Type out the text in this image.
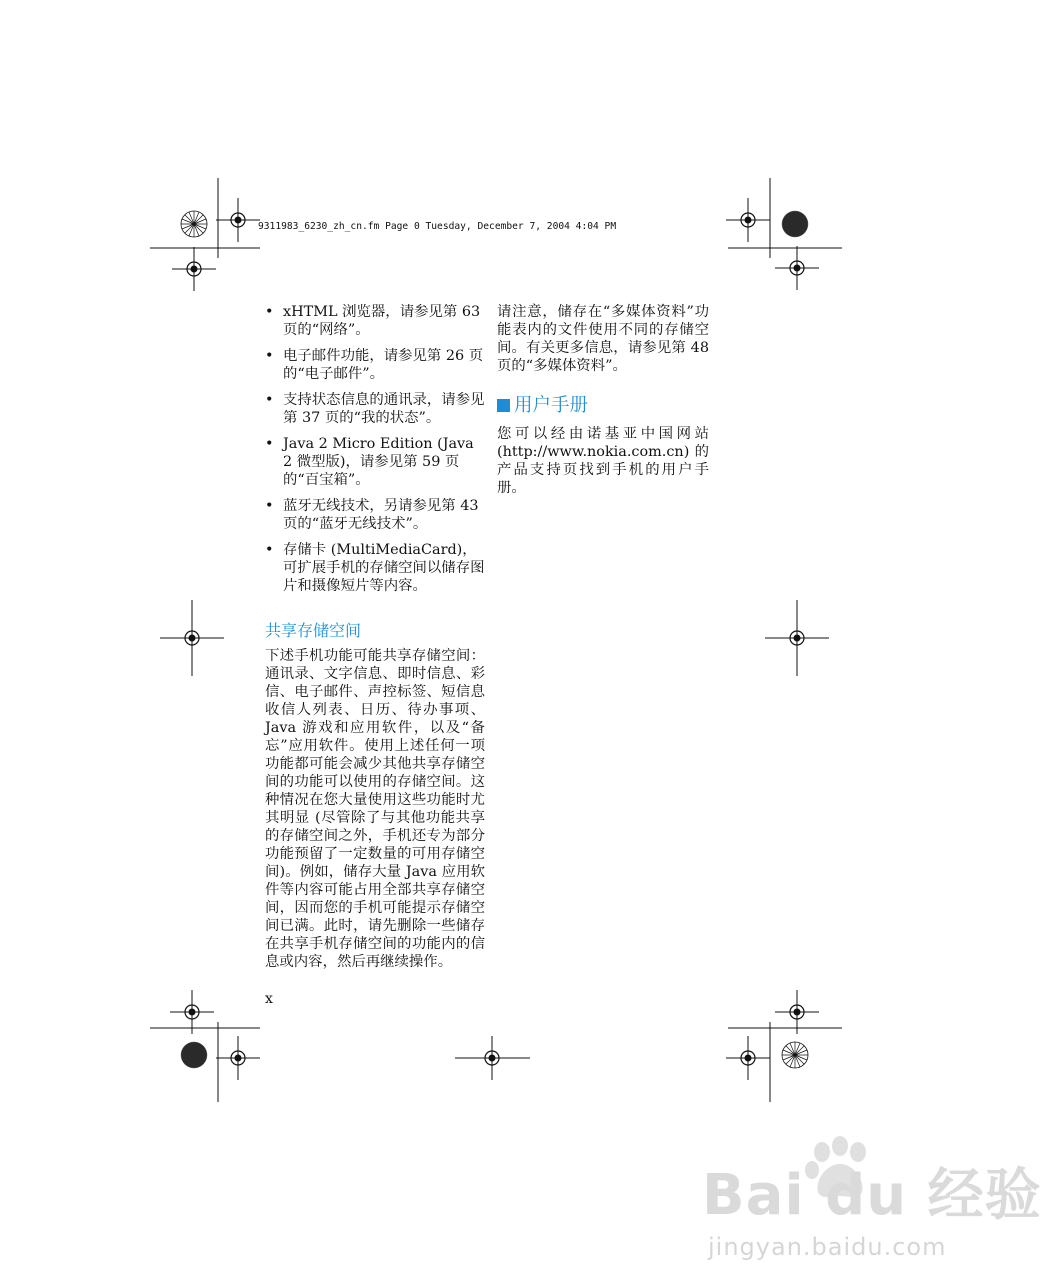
9311983_6230_zh_cn.fm Page 0 Tuesday, December 7, 2004 4:04 PM
• xHTML 浏览器，请参见第 63 页的“网络”。
• 电子邮件功能，请参见第 26 页的“电子邮件”。
• 支持状态信息的通讯录，请参见第 37 页的“我的状态”。
• Java 2 Micro Edition (Java 2 微型版)，请参见第 59 页的“百宝箱”。
• 蓝牙无线技术，另请参见第 43 页的“蓝牙无线技术”。
• 存储卡 (MultiMediaCard)，可扩展手机的存储空间以储存图片和摄像短片等内容。
共享存储空间

下述手机功能可能共享存储空间：通讯录、文字信息、即时信息、彩信、电子邮件、声控标签、短信息收信人列表、日历、待办事项、Java 游戏和应用软件，以及“备忘”应用软件。使用上述任何一项功能都可能会减少其他共享存储空间的功能可以使用的存储空间。这种情况在您大量使用这些功能时尤其明显 (尽管除了与其他功能共享的存储空间之外，手机还专为部分功能预留了一定数量的可用存储空间)。例如，储存大量 Java 应用软件等内容可能占用全部共享存储空间，因而您的手机可能提示存储空间已满。此时，请先删除一些储存在共享手机存储空间的功能内的信息或内容，然后再继续操作。

请注意，储存在“多媒体资料”功能表内的文件使用不同的存储空间。有关更多信息，请参见第 48 页的“多媒体资料”。

用户手册

您可以经由诺基亚中国网站 (http://www.nokia.com.cn) 的产品支持页找到手机的用户手册。

x
Bai du 经验
jingyan.baidu.com
